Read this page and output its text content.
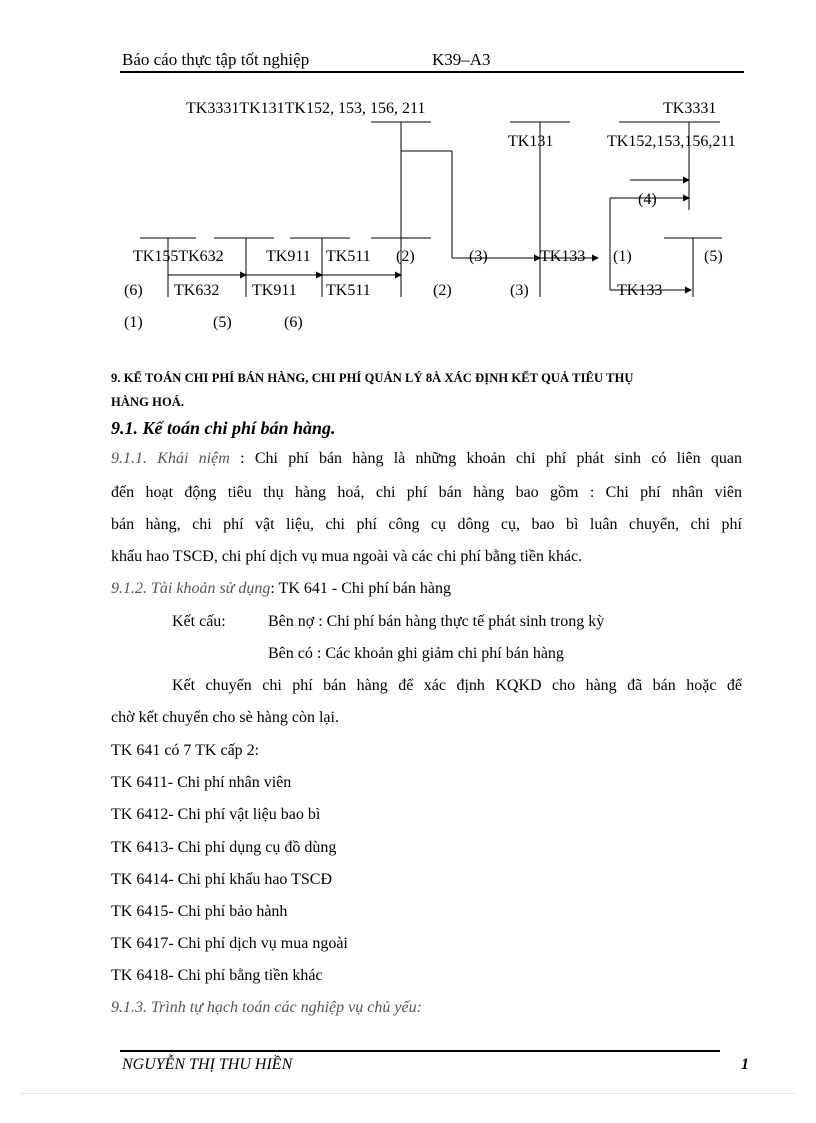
Báo cáo thực tập tốt nghiệp	K39–A3
TK3331TK131TK152, 153, 156, 211	TK3331
TK131	TK152,153,156,211
(4)
TK155TK632	TK911 TK511 (2)	(3)	TK133 (1)	(5)
(6) TK632 TK911 TK511	(2)	(3)	TK133
(1)	(5)	(6)
9. KẾ TOÁN CHI PHÍ BÁN HÀNG, CHI PHÍ QUẢN LÝ 8À XÁC ĐỊNH KẾT QUẢ TIÊU THỤ
HÀNG HOÁ.
9.1. Kế toán chi phí bán hàng.
9.1.1. Khái niệm : Chi phí bán hàng là những khoản chi phí phát sinh có liên quan
đến hoạt động tiêu thụ hàng hoá, chi phí bán hàng bao gồm : Chi phí nhân viên
bán hàng, chi phí vật liệu, chi phí công cụ dông cụ, bao bì luân chuyển, chi phí
khấu hao TSCĐ, chi phí dịch vụ mua ngoài và các chi phí bằng tiền khác.
9.1.2. Tài khoản sử dụng: TK 641 - Chi phí bán hàng
Kết cấu:	Bên nợ : Chi phí bán hàng thực tế phát sinh trong kỳ
Bên có : Các khoản ghi giảm chi phí bán hàng
Kết chuyển chi phí bán hàng để xác định KQKD cho hàng đã bán hoặc để
chờ kết chuyển cho sè hàng còn lại.
TK 641 có 7 TK cấp 2:
TK 6411- Chi phí nhân viên
TK 6412- Chi phí vật liệu bao bì
TK 6413- Chi phí dụng cụ đồ dùng
TK 6414- Chi phí khấu hao TSCĐ
TK 6415- Chi phí bảo hành
TK 6417- Chi phí dịch vụ mua ngoài
TK 6418- Chi phí bằng tiền khác
9.1.3. Trình tự hạch toán các nghiệp vụ chủ yếu:
NGUYỄN THỊ THU HIỀN	1
